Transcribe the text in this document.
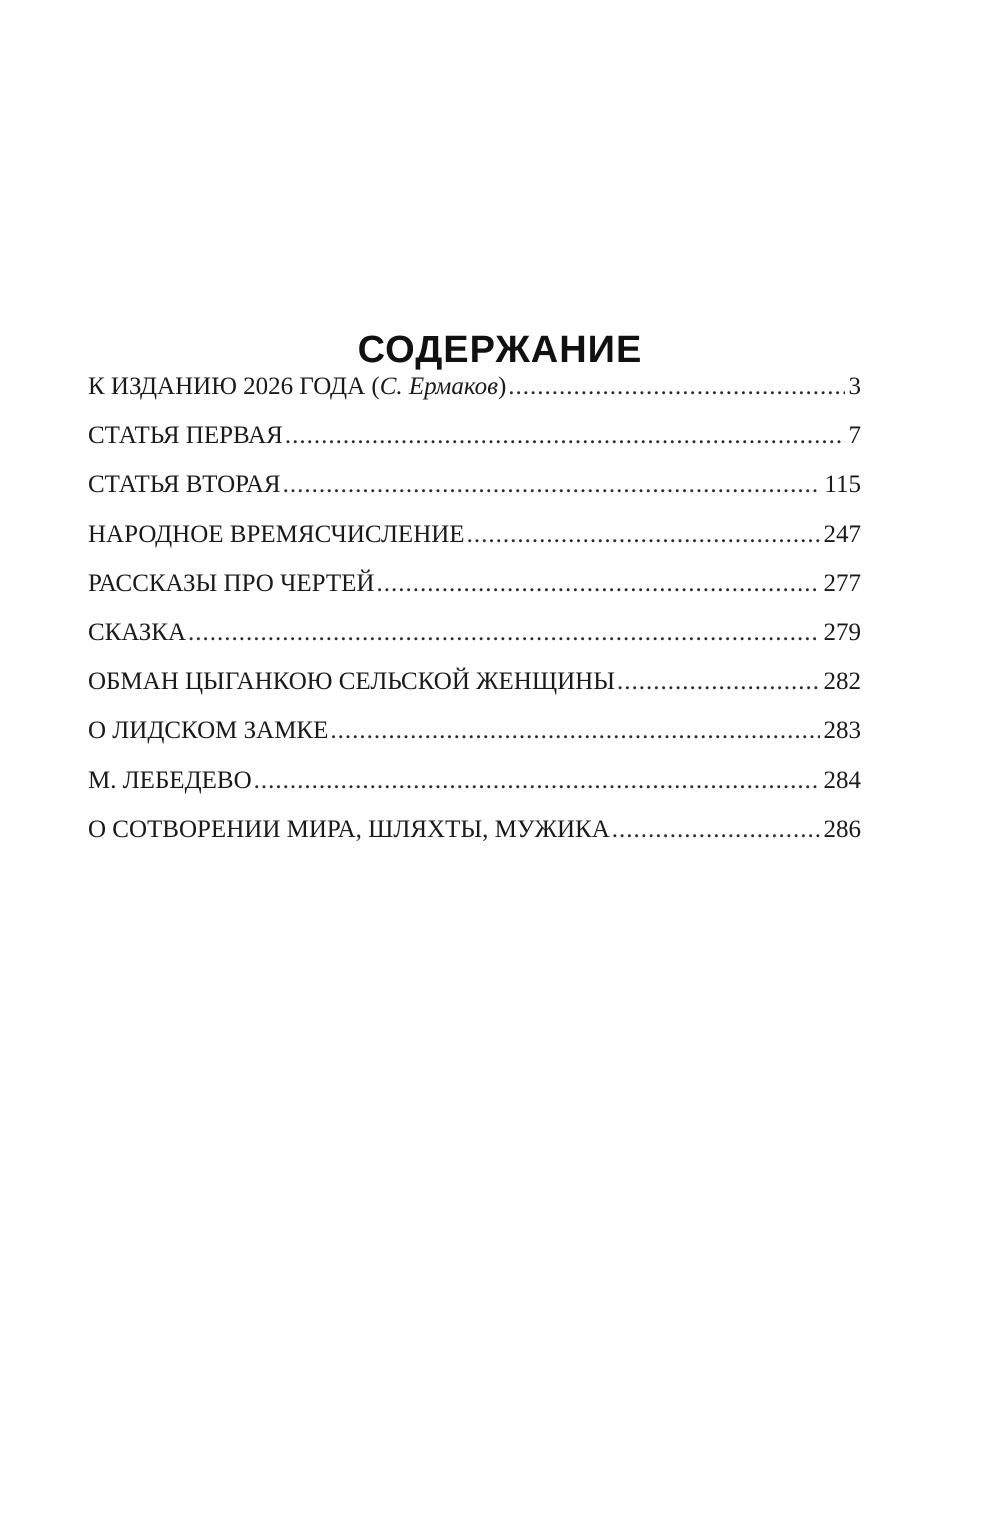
СОДЕРЖАНИЕ
К ИЗДАНИЮ 2026 ГОДА (С. Ермаков) .....	3
СТАТЬЯ ПЕРВАЯ .....	7
СТАТЬЯ ВТОРАЯ .....	115
НАРОДНОЕ ВРЕМЯСЧИСЛЕНИЕ .....	247
РАССКАЗЫ ПРО ЧЕРТЕЙ .....	277
СКАЗКА .....	279
ОБМАН ЦЫГАНКОЮ СЕЛЬСКОЙ ЖЕНЩИНЫ .....	282
О ЛИДСКОМ ЗАМКЕ .....	283
М. ЛЕБЕДЕВО .....	284
О СОТВОРЕНИИ МИРА, ШЛЯХТЫ, МУЖИКА .....	286
